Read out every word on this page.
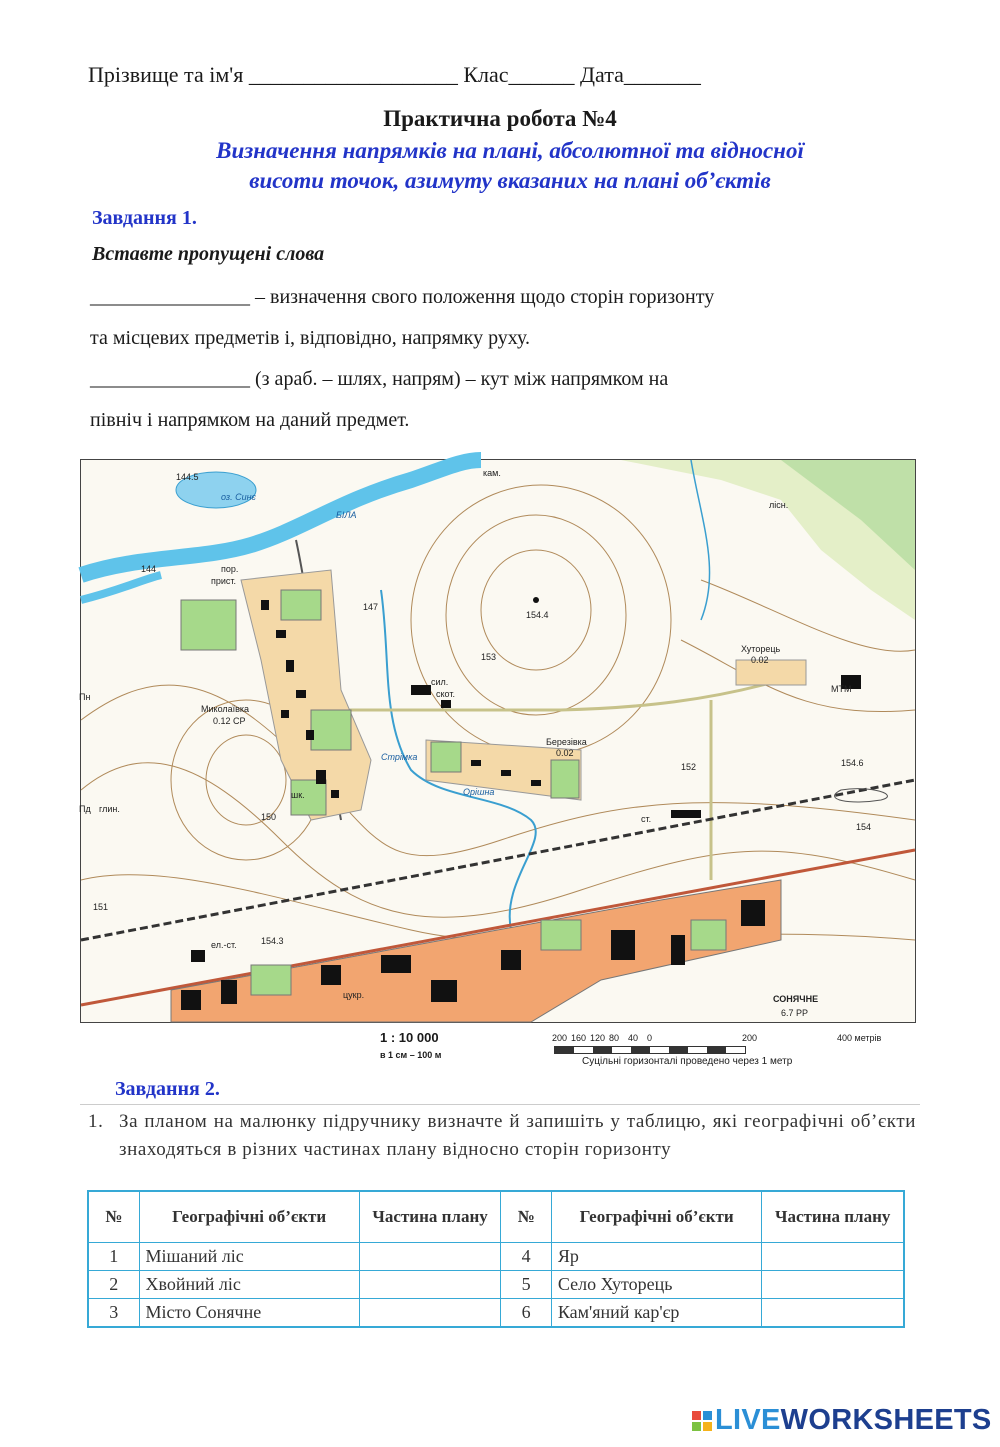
Прізвище та ім'я ___________________ Клас______ Дата_______
Практична робота №4
Визначення напрямків на плані, абсолютної та відносної
висоти точок, азимуту вказаних на плані об’єктів
Завдання 1.
Вставте пропущені слова
________________ – визначення свого положення щодо сторін горизонту
та місцевих предметів і, відповідно, напрямку руху.
________________ (з араб. – шлях, напрям) – кут між напрямком на
північ і напрямком на даний предмет.
оз. Синє
144.5
БІЛА
144	пор.
прист.
Миколаївка
0.12 СР
154.4
Березівка
0.02
Хуторець
0.02
МТМ
лісн.
сил.
скот.
ст.
глин.
шк.
ел.-ст.	154.3
154.6
СОНЯЧНЕ
6.7 РР
цукр.
Стрімка
Орішна
кам.
Пн
Пд
150
152
153
154
151
147
1 : 10 000
в 1 см – 100 м
200 160 120 80 40 0	200	400 метрів
Суцільні горизонталі проведено через 1 метр
Завдання 2.
1. За планом на малюнку підручнику визначте й запишіть у таблицю, які географічні об’єкти знаходяться в різних частинах плану відносно сторін горизонту
№	Географічні об’єкти	Частина плану	№	Географічні об’єкти	Частина плану
1	Мішаний ліс		4	Яр	
2	Хвойний ліс		5	Село Хуторець	
3	Місто Сонячне		6	Кам'яний кар'єр	
LIVEWORKSHEETS
